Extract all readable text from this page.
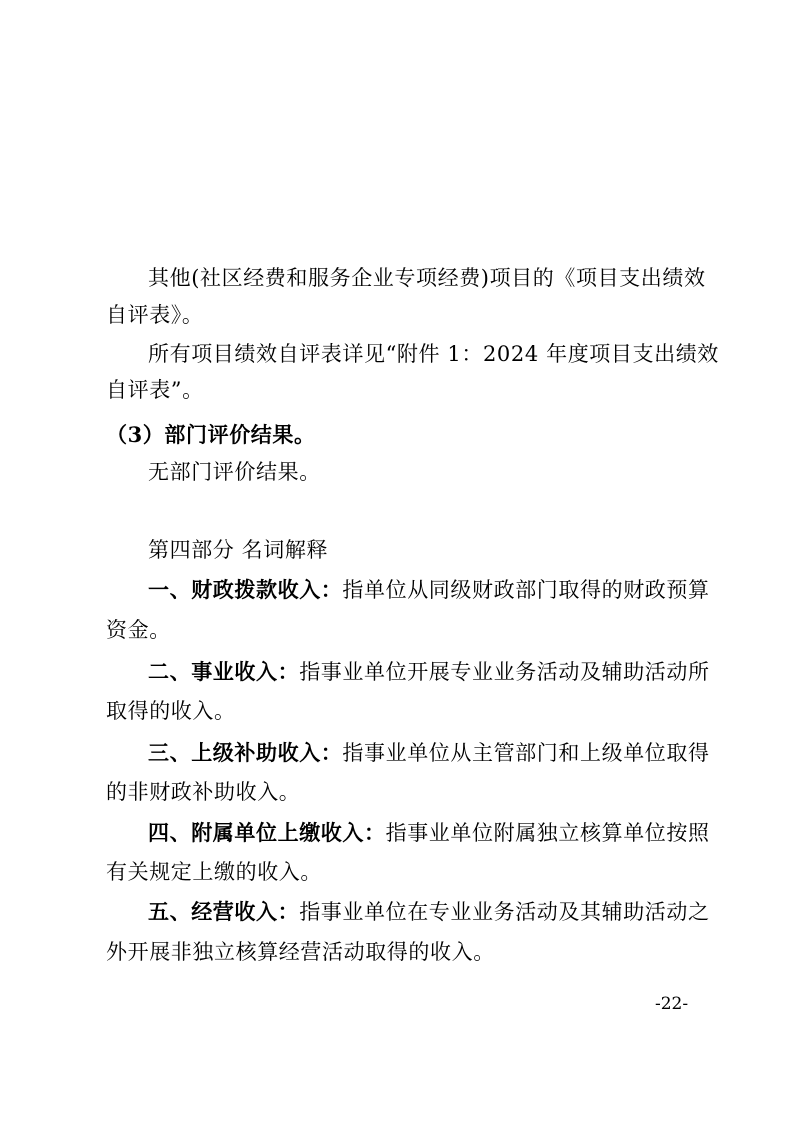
其他(社区经费和服务企业专项经费)项目的《项目支出绩效
自评表》。
所有项目绩效自评表详见“附件 1：2024 年度项目支出绩效
自评表”。
（3）部门评价结果。
无部门评价结果。
第四部分 名词解释
一、财政拨款收入：指单位从同级财政部门取得的财政预算
资金。
二、事业收入：指事业单位开展专业业务活动及辅助活动所
取得的收入。
三、上级补助收入：指事业单位从主管部门和上级单位取得
的非财政补助收入。
四、附属单位上缴收入：指事业单位附属独立核算单位按照
有关规定上缴的收入。
五、经营收入：指事业单位在专业业务活动及其辅助活动之
外开展非独立核算经营活动取得的收入。
-22-
